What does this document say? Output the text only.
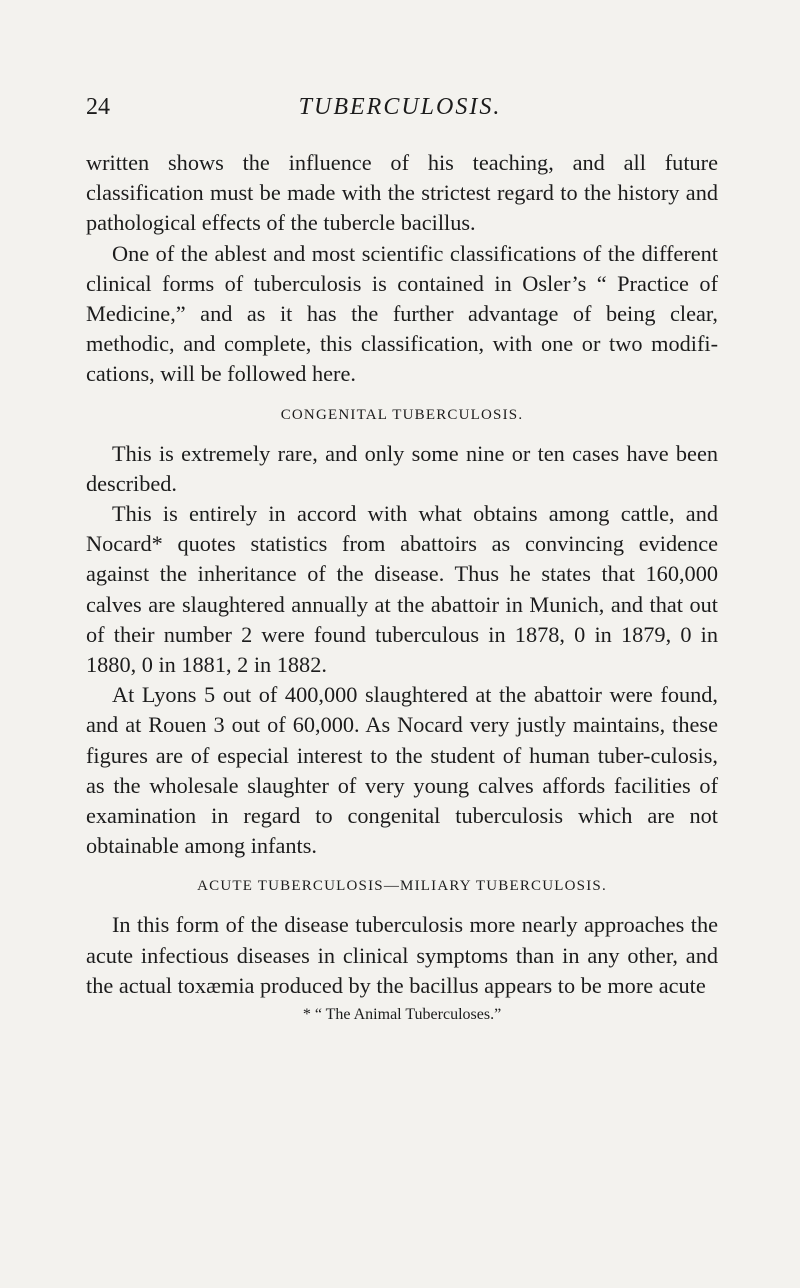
24	TUBERCULOSIS.

written shows the influence of his teaching, and all future classification must be made with the strictest regard to the history and pathological effects of the tubercle bacillus.

One of the ablest and most scientific classifications of the different clinical forms of tuberculosis is contained in Osler’s “ Practice of Medicine,” and as it has the further advantage of being clear, methodic, and complete, this classification, with one or two modifi-cations, will be followed here.

CONGENITAL TUBERCULOSIS.

This is extremely rare, and only some nine or ten cases have been described.

This is entirely in accord with what obtains among cattle, and Nocard* quotes statistics from abattoirs as convincing evidence against the inheritance of the disease. Thus he states that 160,000 calves are slaughtered annually at the abattoir in Munich, and that out of their number 2 were found tuberculous in 1878, 0 in 1879, 0 in 1880, 0 in 1881, 2 in 1882.

At Lyons 5 out of 400,000 slaughtered at the abattoir were found, and at Rouen 3 out of 60,000. As Nocard very justly maintains, these figures are of especial interest to the student of human tuber-culosis, as the wholesale slaughter of very young calves affords facilities of examination in regard to congenital tuberculosis which are not obtainable among infants.

ACUTE TUBERCULOSIS—MILIARY TUBERCULOSIS.

In this form of the disease tuberculosis more nearly approaches the acute infectious diseases in clinical symptoms than in any other, and the actual toxæmia produced by the bacillus appears to be more acute

* “ The Animal Tuberculoses.”
